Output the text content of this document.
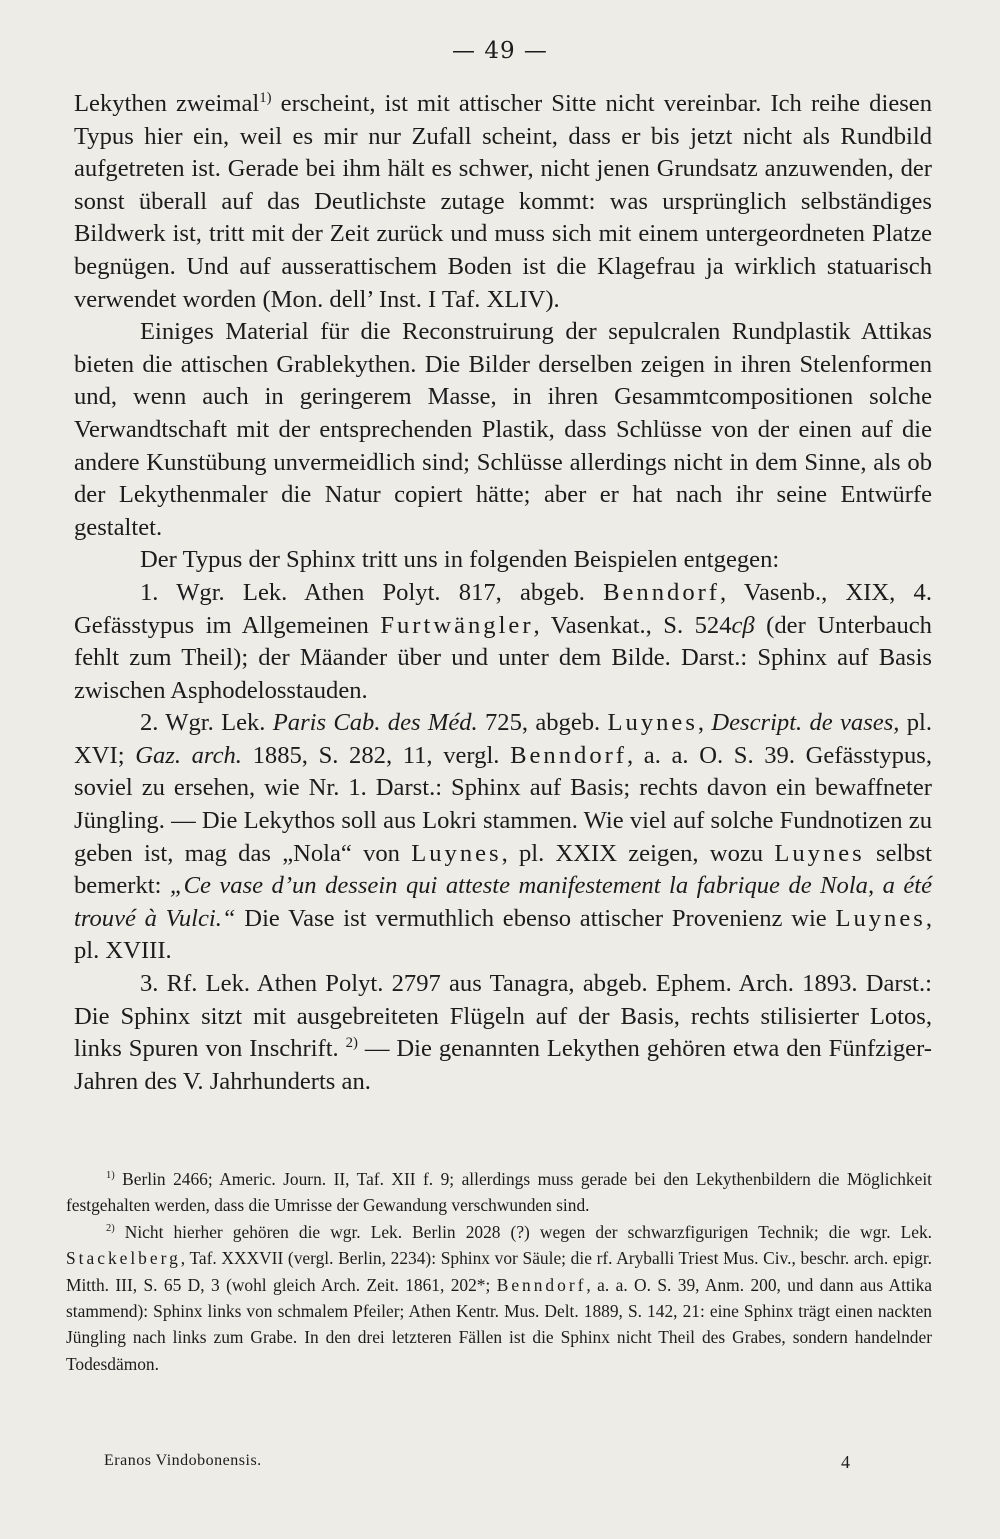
— 49 —

Lekythen zweimal$^{1)}$ erscheint, ist mit attischer Sitte nicht vereinbar. Ich reihe diesen Typus hier ein, weil es mir nur Zufall scheint, dass er bis jetzt nicht als Rundbild aufgetreten ist. Gerade bei ihm hält es schwer, nicht jenen Grundsatz anzuwenden, der sonst überall auf das Deutlichste zutage kommt: was ursprünglich selbständiges Bildwerk ist, tritt mit der Zeit zurück und muss sich mit einem untergeordneten Platze begnügen. Und auf ausserattischem Boden ist die Klagefrau ja wirklich statuarisch verwendet worden (Mon. dell’ Inst. I Taf. XLIV).

Einiges Material für die Reconstruirung der sepulcralen Rundplastik Attikas bieten die attischen Grablekythen. Die Bilder derselben zeigen in ihren Stelenformen und, wenn auch in geringerem Masse, in ihren Gesammtcompositionen solche Verwandtschaft mit der entsprechenden Plastik, dass Schlüsse von der einen auf die andere Kunstübung unvermeidlich sind; Schlüsse allerdings nicht in dem Sinne, als ob der Lekythenmaler die Natur copiert hätte; aber er hat nach ihr seine Entwürfe gestaltet.

Der Typus der Sphinx tritt uns in folgenden Beispielen entgegen:

1. Wgr. Lek. Athen Polyt. 817, abgeb. Benndorf, Vasenb., XIX, 4. Gefässtypus im Allgemeinen Furtwängler, Vasenkat., S. 524cβ (der Unterbauch fehlt zum Theil); der Mäander über und unter dem Bilde. Darst.: Sphinx auf Basis zwischen Asphodelosstauden.

2. Wgr. Lek. Paris Cab. des Méd. 725, abgeb. Luynes, Descript. de vases, pl. XVI; Gaz. arch. 1885, S. 282, 11, vergl. Benndorf, a. a. O. S. 39. Gefässtypus, soviel zu ersehen, wie Nr. 1. Darst.: Sphinx auf Basis; rechts davon ein bewaffneter Jüngling. — Die Lekythos soll aus Lokri stammen. Wie viel auf solche Fundnotizen zu geben ist, mag das „Nola“ von Luynes, pl. XXIX zeigen, wozu Luynes selbst bemerkt: „Ce vase d’un dessein qui atteste manifestement la fabrique de Nola, a été trouvé à Vulci.“ Die Vase ist vermuthlich ebenso attischer Provenienz wie Luynes, pl. XVIII.

3. Rf. Lek. Athen Polyt. 2797 aus Tanagra, abgeb. Ephem. Arch. 1893. Darst.: Die Sphinx sitzt mit ausgebreiteten Flügeln auf der Basis, rechts stilisierter Lotos, links Spuren von Inschrift. $^{2)}$ — Die genannten Lekythen gehören etwa den Fünfziger-Jahren des V. Jahrhunderts an.

$^{1)}$ Berlin 2466; Americ. Journ. II, Taf. XII f. 9; allerdings muss gerade bei den Lekythenbildern die Möglichkeit festgehalten werden, dass die Umrisse der Gewandung verschwunden sind.

$^{2)}$ Nicht hierher gehören die wgr. Lek. Berlin 2028 (?) wegen der schwarzfigurigen Technik; die wgr. Lek. Stackelberg, Taf. XXXVII (vergl. Berlin, 2234): Sphinx vor Säule; die rf. Aryballi Triest Mus. Civ., beschr. arch. epigr. Mitth. III, S. 65 D, 3 (wohl gleich Arch. Zeit. 1861, 202*; Benndorf, a. a. O. S. 39, Anm. 200, und dann aus Attika stammend): Sphinx links von schmalem Pfeiler; Athen Kentr. Mus. Delt. 1889, S. 142, 21: eine Sphinx trägt einen nackten Jüngling nach links zum Grabe. In den drei letzteren Fällen ist die Sphinx nicht Theil des Grabes, sondern handelnder Todesdämon.

Eranos Vindobonensis.	4
